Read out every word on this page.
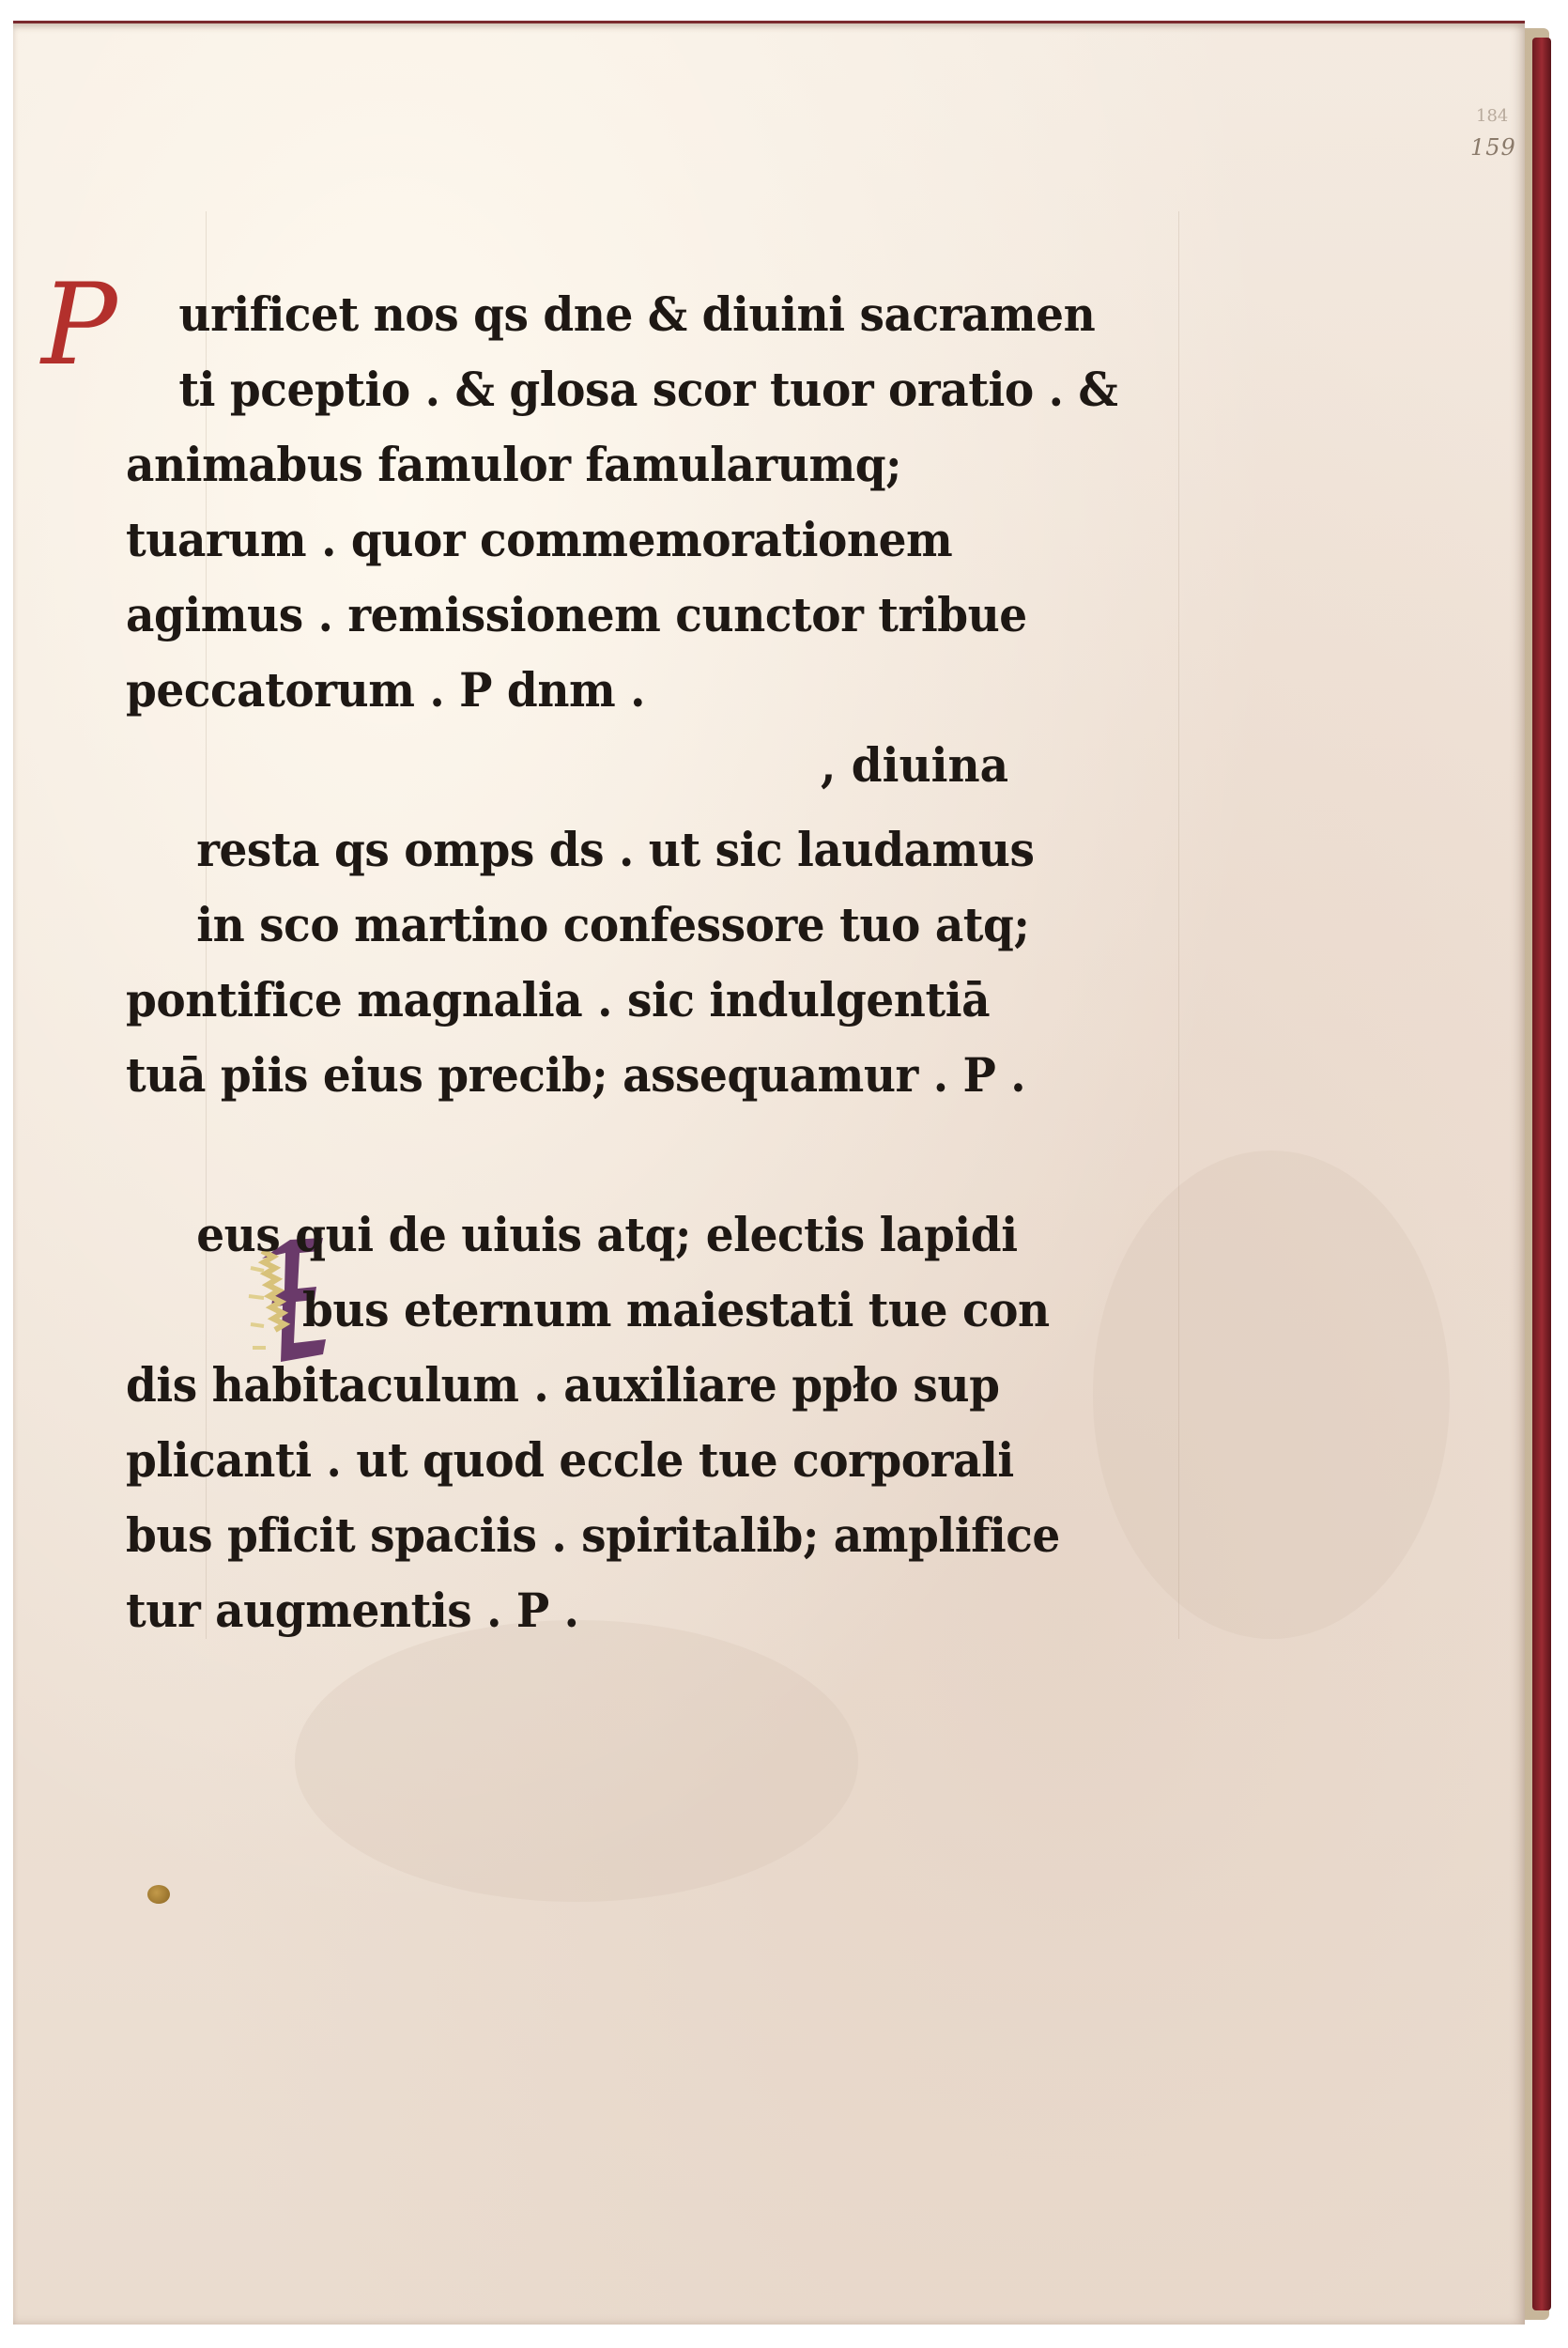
184
159
P
, diuina
urificet nos qs dne & diuini sacramen
ti pceptio . & glosa scor tuor oratio . &
animabus famulor famularumq;
tuarum . quor commemorationem
agimus . remissionem cunctor tribue
peccatorum . P dnm .
resta qs omps ds . ut sic laudamus
in sco martino confessore tuo atq;
pontifice magnalia . sic indulgentiā
tuā piis eius precib; assequamur . P .
eus qui de uiuis atq; electis lapidi
bus eternum maiestati tue con
dis habitaculum . auxiliare ppło sup
plicanti . ut quod eccle tue corporali
bus pficit spaciis . spiritalib; amplifice
tur augmentis . P .
